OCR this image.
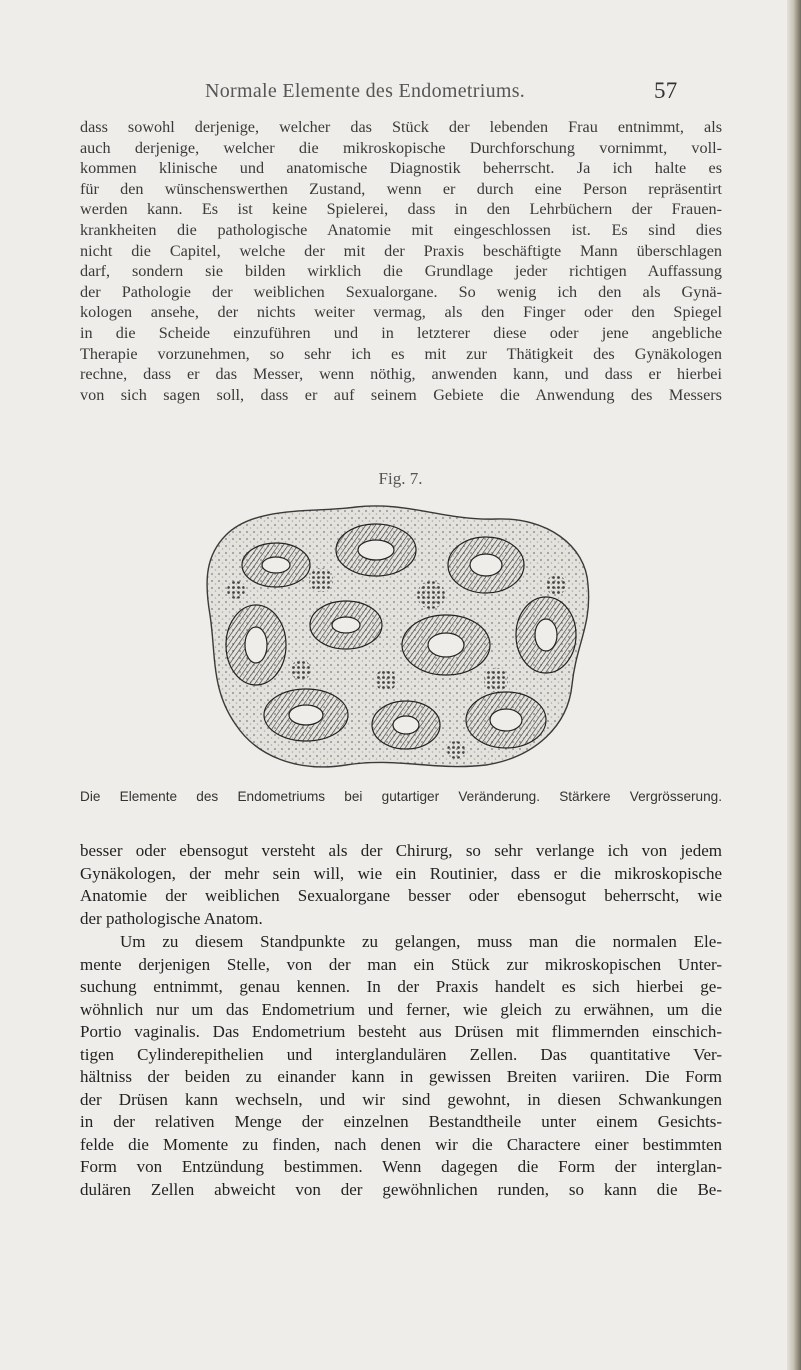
Normale Elemente des Endometriums.	57
dass sowohl derjenige, welcher das Stück der lebenden Frau entnimmt, als
auch derjenige, welcher die mikroskopische Durchforschung vornimmt, voll-
kommen klinische und anatomische Diagnostik beherrscht. Ja ich halte es
für den wünschenswerthen Zustand, wenn er durch eine Person repräsentirt
werden kann. Es ist keine Spielerei, dass in den Lehrbüchern der Frauen-
krankheiten die pathologische Anatomie mit eingeschlossen ist. Es sind dies
nicht die Capitel, welche der mit der Praxis beschäftigte Mann überschlagen
darf, sondern sie bilden wirklich die Grundlage jeder richtigen Auffassung
der Pathologie der weiblichen Sexualorgane. So wenig ich den als Gynä-
kologen ansehe, der nichts weiter vermag, als den Finger oder den Spiegel
in die Scheide einzuführen und in letzterer diese oder jene angebliche
Therapie vorzunehmen, so sehr ich es mit zur Thätigkeit des Gynäkologen
rechne, dass er das Messer, wenn nöthig, anwenden kann, und dass er hierbei
von sich sagen soll, dass er auf seinem Gebiete die Anwendung des Messers
Fig. 7.
Die Elemente des Endometriums bei gutartiger Veränderung. Stärkere Vergrösserung.
besser oder ebensogut versteht als der Chirurg, so sehr verlange ich von jedem
Gynäkologen, der mehr sein will, wie ein Routinier, dass er die mikroskopische
Anatomie der weiblichen Sexualorgane besser oder ebensogut beherrscht, wie
der pathologische Anatom.
Um zu diesem Standpunkte zu gelangen, muss man die normalen Ele-
mente derjenigen Stelle, von der man ein Stück zur mikroskopischen Unter-
suchung entnimmt, genau kennen. In der Praxis handelt es sich hierbei ge-
wöhnlich nur um das Endometrium und ferner, wie gleich zu erwähnen, um die
Portio vaginalis. Das Endometrium besteht aus Drüsen mit flimmernden einschich-
tigen Cylinderepithelien und interglandulären Zellen. Das quantitative Ver-
hältniss der beiden zu einander kann in gewissen Breiten variiren. Die Form
der Drüsen kann wechseln, und wir sind gewohnt, in diesen Schwankungen
in der relativen Menge der einzelnen Bestandtheile unter einem Gesichts-
felde die Momente zu finden, nach denen wir die Charactere einer bestimmten
Form von Entzündung bestimmen. Wenn dagegen die Form der interglan-
dulären Zellen abweicht von der gewöhnlichen runden, so kann die Be-
